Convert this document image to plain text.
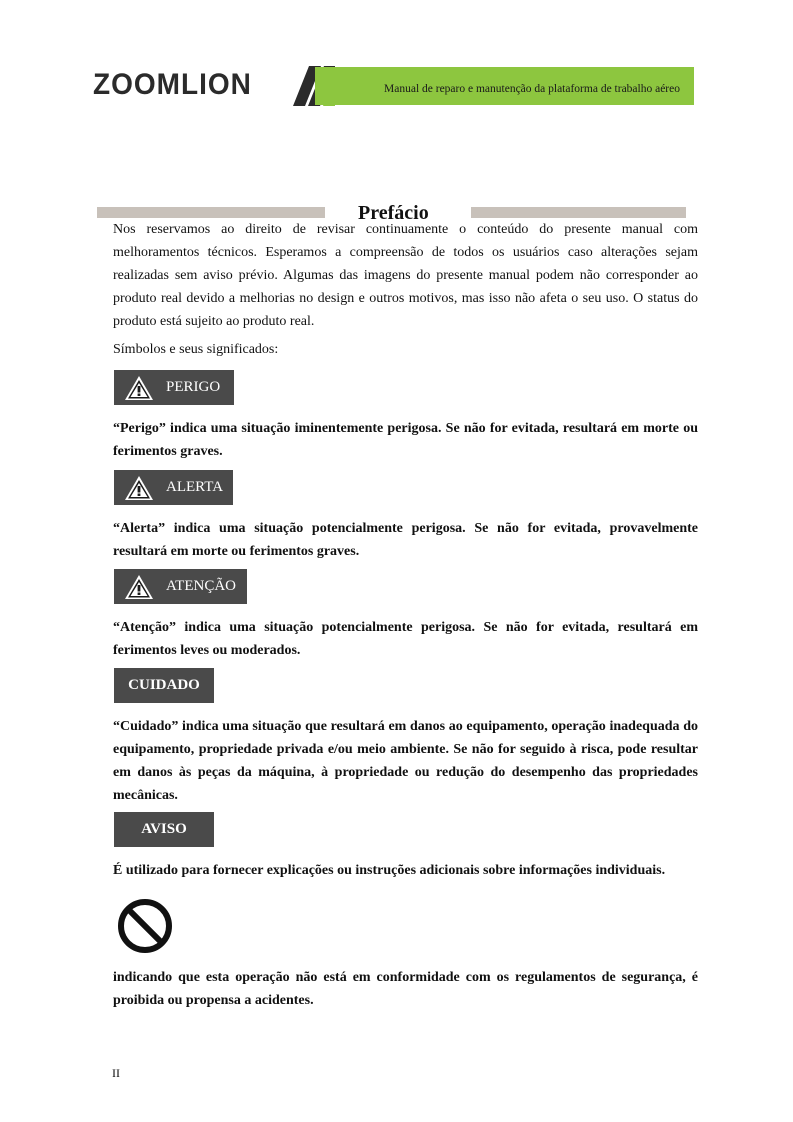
ZOOMLION	Manual de reparo e manutenção da plataforma de trabalho aéreo
Prefácio

Nos reservamos ao direito de revisar continuamente o conteúdo do presente manual com melhoramentos técnicos. Esperamos a compreensão de todos os usuários caso alterações sejam realizadas sem aviso prévio. Algumas das imagens do presente manual podem não corresponder ao produto real devido a melhorias no design e outros motivos, mas isso não afeta o seu uso. O status do produto está sujeito ao produto real.

Símbolos e seus significados:
PERIGO

“Perigo” indica uma situação iminentemente perigosa. Se não for evitada, resultará em morte ou ferimentos graves.

ALERTA

“Alerta” indica uma situação potencialmente perigosa. Se não for evitada, provavelmente resultará em morte ou ferimentos graves.

ATENÇÃO

“Atenção” indica uma situação potencialmente perigosa. Se não for evitada, resultará em ferimentos leves ou moderados.

CUIDADO

“Cuidado” indica uma situação que resultará em danos ao equipamento, operação inadequada do equipamento, propriedade privada e/ou meio ambiente. Se não for seguido à risca, pode resultar em danos às peças da máquina, à propriedade ou redução do desempenho das propriedades mecânicas.

AVISO

É utilizado para fornecer explicações ou instruções adicionais sobre informações individuais.

indicando que esta operação não está em conformidade com os regulamentos de segurança, é proibida ou propensa a acidentes.

II
